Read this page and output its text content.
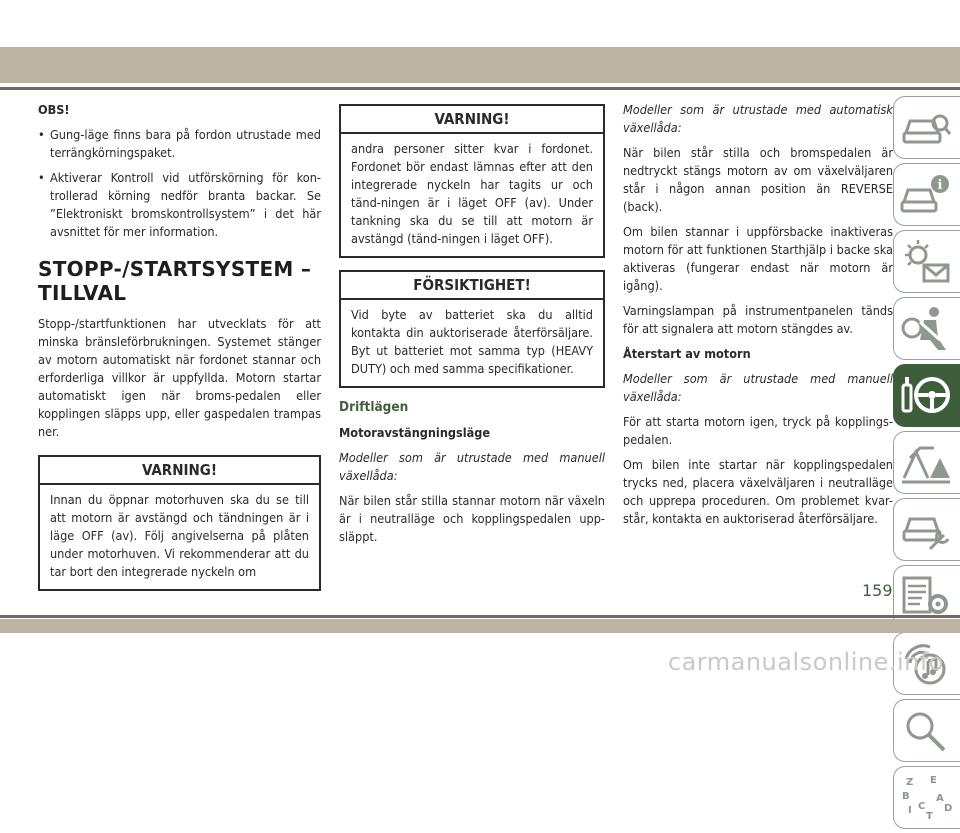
OBS!

• Gung-läge finns bara på fordon utrustade med terrängkörningspaket.
• Aktiverar Kontroll vid utförskörning för kon-trollerad körning nedför branta backar. Se ”Elektroniskt bromskontrollsystem” i det här avsnittet för mer information.
STOPP-/STARTSYSTEM – TILLVAL

Stopp-/startfunktionen har utvecklats för att minska bränsleförbrukningen. Systemet stänger av motorn automatiskt när fordonet stannar och erforderliga villkor är uppfyllda. Motorn startar automatiskt igen när broms-pedalen eller kopplingen släpps upp, eller gaspedalen trampas ner.

VARNING!
Innan du öppnar motorhuven ska du se till att motorn är avstängd och tändningen är i läge OFF (av). Följ angivelserna på plåten under motorhuven. Vi rekommenderar att du tar bort den integrerade nyckeln om
VARNING!
andra personer sitter kvar i fordonet. Fordonet bör endast lämnas efter att den integrerade nyckeln har tagits ur och tänd-ningen är i läget OFF (av). Under tankning ska du se till att motorn är avstängd (tänd-ningen i läget OFF).
FÖRSIKTIGHET!
Vid byte av batteriet ska du alltid kontakta din auktoriserade återförsäljare. Byt ut batteriet mot samma typ (HEAVY DUTY) och med samma specifikationer.
Driftlägen

Motoravstängningsläge

Modeller som är utrustade med manuell växellåda:

När bilen står stilla stannar motorn när växeln är i neutralläge och kopplingspedalen upp-släppt.

Modeller som är utrustade med automatisk växellåda:

När bilen står stilla och bromspedalen är nedtryckt stängs motorn av om växelväljaren står i någon annan position än REVERSE (back).

Om bilen stannar i uppförsbacke inaktiveras motorn för att funktionen Starthjälp i backe ska aktiveras (fungerar endast när motorn är igång).

Varningslampan på instrumentpanelen tänds för att signalera att motorn stängdes av.

Återstart av motorn

Modeller som är utrustade med manuell växellåda:

För att starta motorn igen, tryck på kopplings-pedalen.

Om bilen inte startar när kopplingspedalen trycks ned, placera växelväljaren i neutralläge och upprepa proceduren. Om problemet kvar-står, kontakta en auktoriserad återförsäljare.

i
Z E
B	A
D
I C
T
159
carmanualsonline.info
